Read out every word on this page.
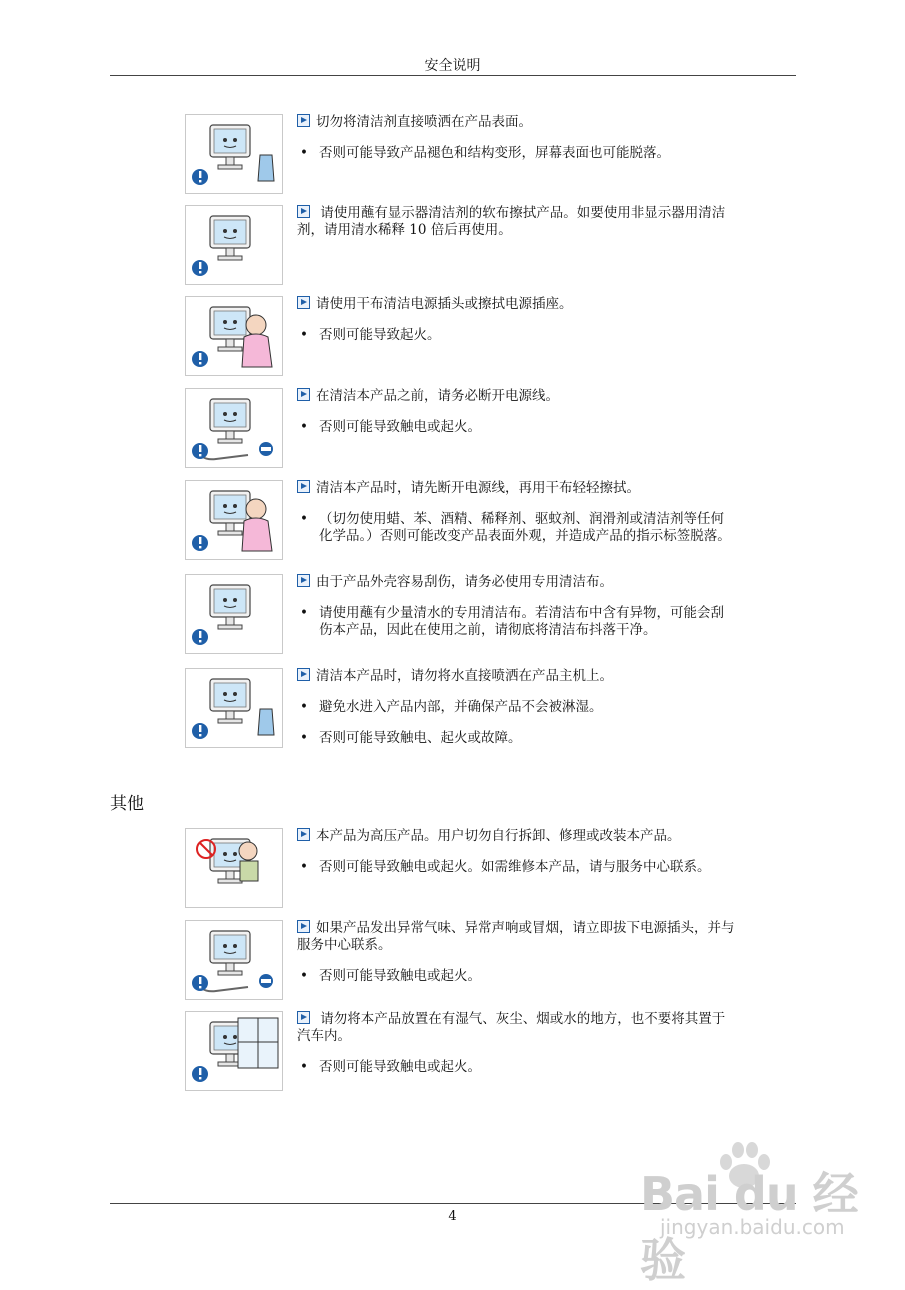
安全说明
切勿将清洁剂直接喷洒在产品表面。
• 否则可能导致产品褪色和结构变形，屏幕表面也可能脱落。
请使用蘸有显示器清洁剂的软布擦拭产品。如要使用非显示器用清洁剂，请用清水稀释 10 倍后再使用。
请使用干布清洁电源插头或擦拭电源插座。
• 否则可能导致起火。
在清洁本产品之前，请务必断开电源线。
• 否则可能导致触电或起火。
清洁本产品时，请先断开电源线，再用干布轻轻擦拭。
• （切勿使用蜡、苯、酒精、稀释剂、驱蚊剂、润滑剂或清洁剂等任何化学品。）否则可能改变产品表面外观，并造成产品的指示标签脱落。
由于产品外壳容易刮伤，请务必使用专用清洁布。
• 请使用蘸有少量清水的专用清洁布。若清洁布中含有异物，可能会刮伤本产品，因此在使用之前，请彻底将清洁布抖落干净。
清洁本产品时，请勿将水直接喷洒在产品主机上。
• 避免水进入产品内部，并确保产品不会被淋湿。
• 否则可能导致触电、起火或故障。
其他
本产品为高压产品。用户切勿自行拆卸、修理或改装本产品。
• 否则可能导致触电或起火。如需维修本产品，请与服务中心联系。
如果产品发出异常气味、异常声响或冒烟，请立即拔下电源插头，并与服务中心联系。
• 否则可能导致触电或起火。
请勿将本产品放置在有湿气、灰尘、烟或水的地方，也不要将其置于汽车内。
• 否则可能导致触电或起火。
4	Bai du 经验
jingyan.baidu.com
